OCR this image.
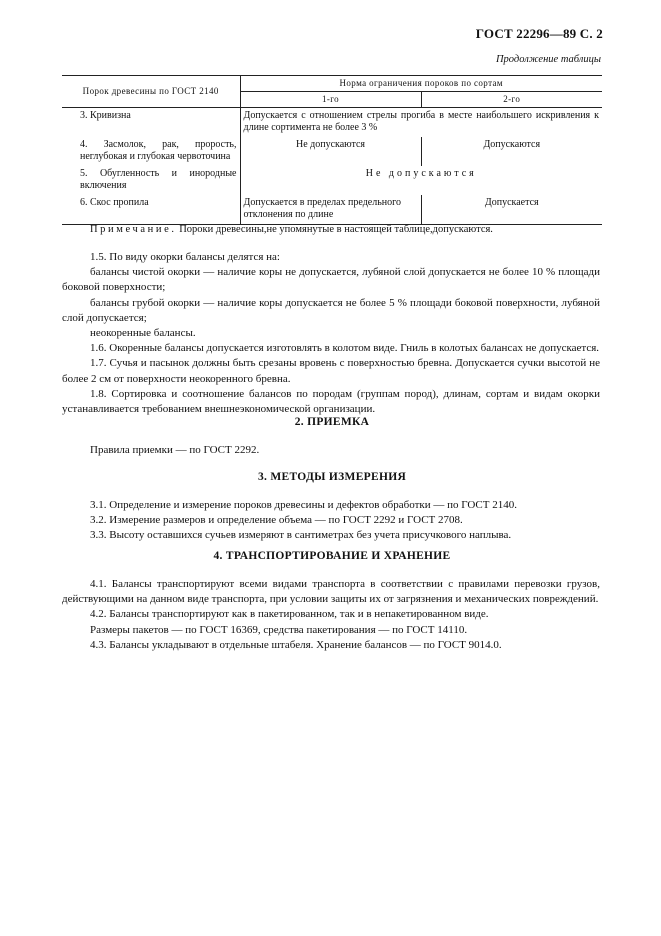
ГОСТ 22296—89 С. 2
Продолжение таблицы
Порок древесины по ГОСТ 2140	Норма ограничения пороков по сортам	
	1-го	2-го
3. Кривизна	Допускается с отношением стрелы прогиба в месте наибольшего искривления к длине сортимента не более 3 %	
4. Засмолок, рак, прорость, неглубокая и глубокая червоточина	Не допускаются	Допускаются
5. Обугленность и инородные включения	Не допускаются	
6. Скос пропила	Допускается в пределах предельного отклонения по длине	Допускается
Примечание. Пороки древесины,не упомянутые в настоящей таблице,допускаются.

1.5. По виду окорки балансы делятся на:

балансы чистой окорки — наличие коры не допускается, лубяной слой допускается не более 10 % площади боковой поверхности;

балансы грубой окорки — наличие коры допускается не более 5 % площади боковой поверхности, лубяной слой допускается;

неокоренные балансы.

1.6. Окоренные балансы допускается изготовлять в колотом виде. Гниль в колотых балансах не допускается.

1.7. Сучья и пасынок должны быть срезаны вровень с поверхностью бревна. Допускается сучки высотой не более 2 см от поверхности неокоренного бревна.

1.8. Сортировка и соотношение балансов по породам (группам пород), длинам, сортам и видам окорки устанавливается требованием внешнеэкономической организации.

2. ПРИЕМКА

Правила приемки — по ГОСТ 2292.

3. МЕТОДЫ ИЗМЕРЕНИЯ

3.1. Определение и измерение пороков древесины и дефектов обработки — по ГОСТ 2140.

3.2. Измерение размеров и определение объема — по ГОСТ 2292 и ГОСТ 2708.

3.3. Высоту оставшихся сучьев измеряют в сантиметрах без учета присучкового наплыва.

4. ТРАНСПОРТИРОВАНИЕ И ХРАНЕНИЕ

4.1. Балансы транспортируют всеми видами транспорта в соответствии с правилами перевозки грузов, действующими на данном виде транспорта, при условии защиты их от загрязнения и механических повреждений.

4.2. Балансы транспортируют как в пакетированном, так и в непакетированном виде.

Размеры пакетов — по ГОСТ 16369, средства пакетирования — по ГОСТ 14110.

4.3. Балансы укладывают в отдельные штабеля. Хранение балансов — по ГОСТ 9014.0.
